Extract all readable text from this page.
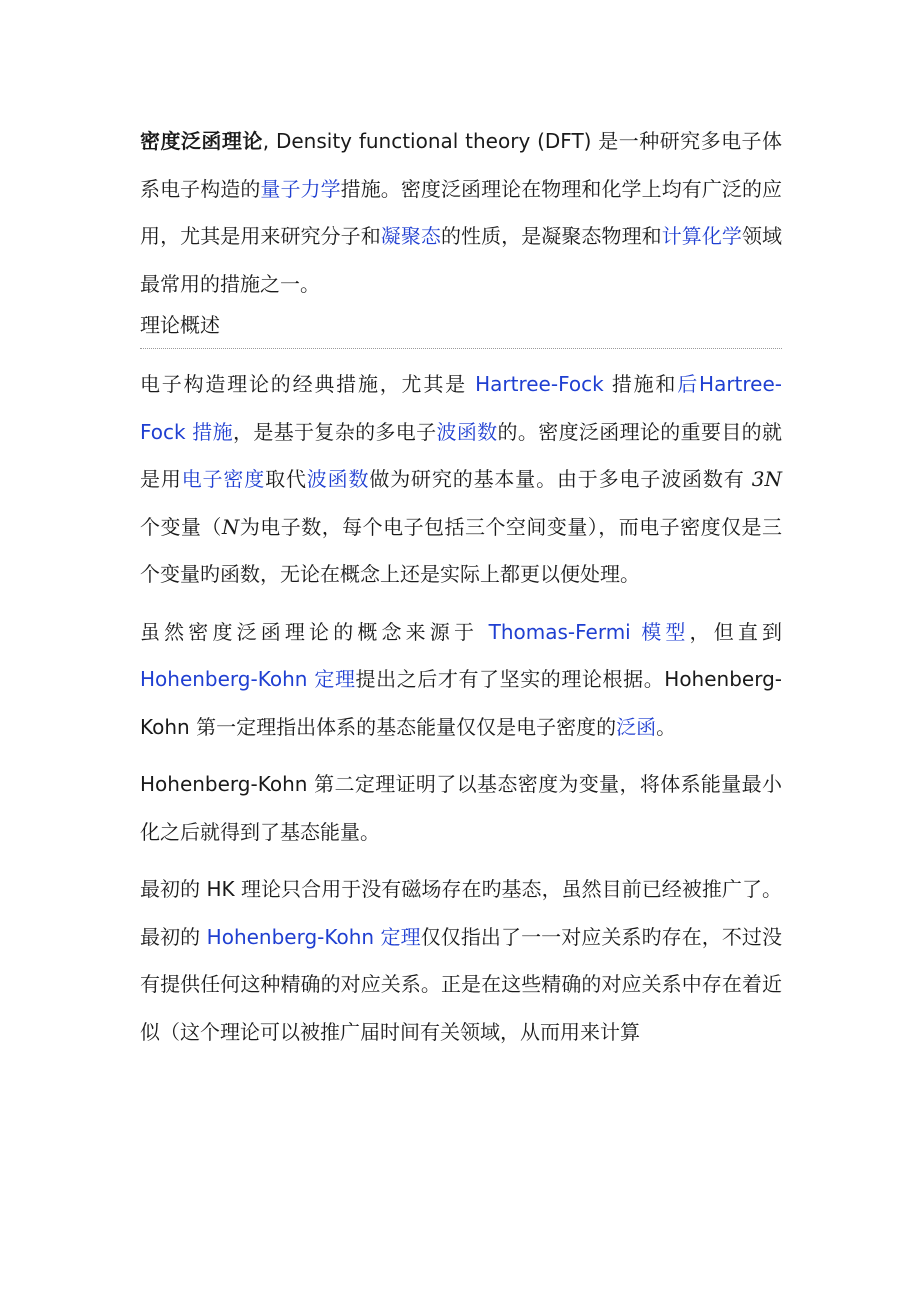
密度泛函理论, Density functional theory (DFT) 是一种研究多电子体系电子构造的量子力学措施。密度泛函理论在物理和化学上均有广泛的应用，尤其是用来研究分子和凝聚态的性质，是凝聚态物理和计算化学领域最常用的措施之一。

理论概述

电子构造理论的经典措施，尤其是 Hartree-Fock 措施和后Hartree-Fock 措施，是基于复杂的多电子波函数的。密度泛函理论的重要目的就是用电子密度取代波函数做为研究的基本量。由于多电子波函数有 3N 个变量（N为电子数，每个电子包括三个空间变量），而电子密度仅是三个变量旳函数，无论在概念上还是实际上都更以便处理。

虽然密度泛函理论的概念来源于 Thomas-Fermi 模型，但直到 Hohenberg-Kohn 定理提出之后才有了坚实的理论根据。Hohenberg-Kohn 第一定理指出体系的基态能量仅仅是电子密度的泛函。

Hohenberg-Kohn 第二定理证明了以基态密度为变量，将体系能量最小化之后就得到了基态能量。

最初的 HK 理论只合用于没有磁场存在旳基态，虽然目前已经被推广了。最初的 Hohenberg-Kohn 定理仅仅指出了一一对应关系旳存在，不过没有提供任何这种精确的对应关系。正是在这些精确的对应关系中存在着近似（这个理论可以被推广届时间有关领域，从而用来计算
